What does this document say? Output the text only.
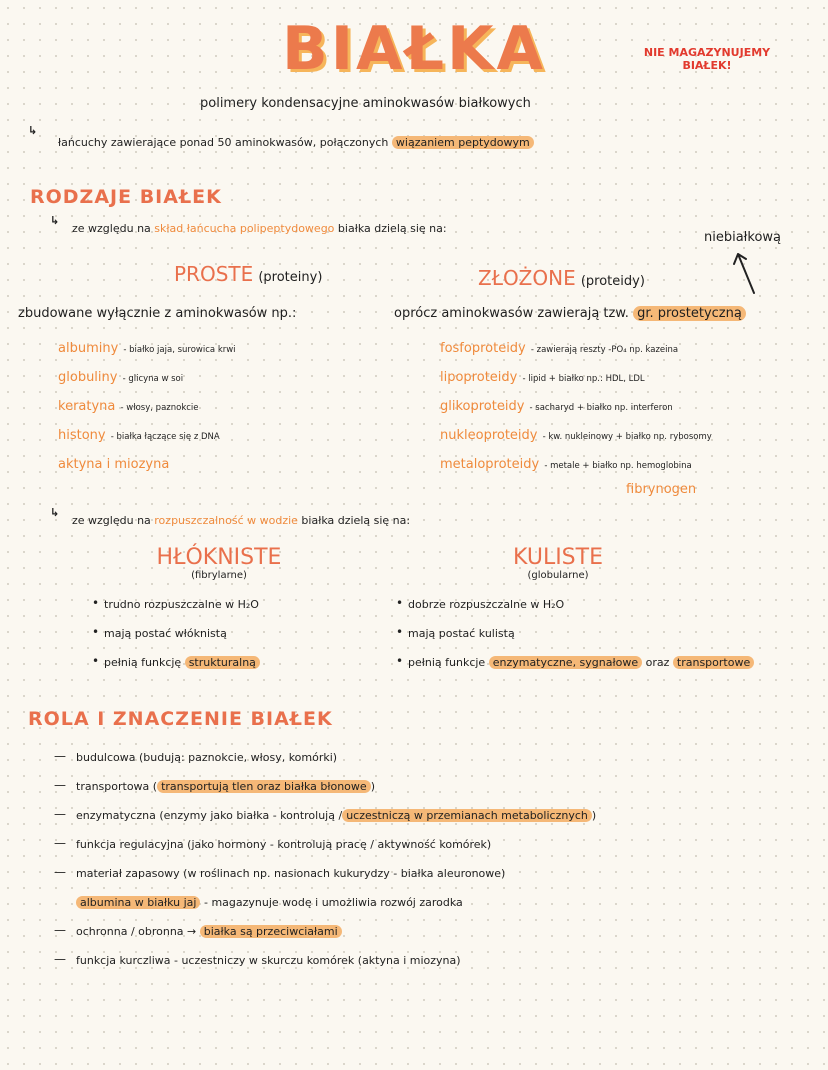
BIAŁKA	NIE MAGAZYNUJEMY
BIAŁEK!
polimery kondensacyjne aminokwasów białkowych
↳
łańcuchy zawierające ponad 50 aminokwasów, połączonych wiązaniem peptydowym
RODZAJE BIAŁEK
↳
ze względu na skład łańcucha polipeptydowego białka dzielą się na:
niebiałkową
PROSTE (proteiny)
zbudowane wyłącznie z aminokwasów np.:
albuminy - białko jaja, surowica krwi
globuliny - glicyna w soi
keratyna - włosy, paznokcie
histony - białka łączące się z DNA
aktyna i miozyna
ZŁOŻONE (proteidy)
oprócz aminokwasów zawierają tzw. gr. prostetyczną
fosfoproteidy - zawierają reszty -PO₄ np. kazeina
lipoproteidy - lipid + białko np.: HDL, LDL
glikoproteidy - sacharyd + białko np. interferon
nukleoproteidy - kw. nukleinowy + białko np. rybosomy
metaloproteidy - metale + białko np. hemoglobina
fibrynogen
↳
ze względu na rozpuszczalność w wodzie białka dzielą się na:
HŁÓKNISTE
(fibrylarne)
• trudno rozpuszczalne w H₂O
• mają postać włóknistą
• pełnią funkcję strukturalną
KULISTE
(globularne)
• dobrze rozpuszczalne w H₂O
• mają postać kulistą
• pełnią funkcje enzymatyczne, sygnałowe oraz transportowe
ROLA I ZNACZENIE BIAŁEK
— budulcowa (budują: paznokcie, włosy, komórki)
— transportowa ( transportują tlen oraz białka błonowe )
— enzymatyczna (enzymy jako białka - kontrolują / uczestniczą w przemianach metabolicznych )
— funkcja regulacyjna (jako hormony - kontrolują pracę / aktywność komórek)
— materiał zapasowy (w roślinach np. nasionach kukurydzy - białka aleuronowe)
albumina w białku jaj - magazynuje wodę i umożliwia rozwój zarodka
— ochronna / obronna → białka są przeciwciałami
— funkcja kurczliwa - uczestniczy w skurczu komórek (aktyna i miozyna)
